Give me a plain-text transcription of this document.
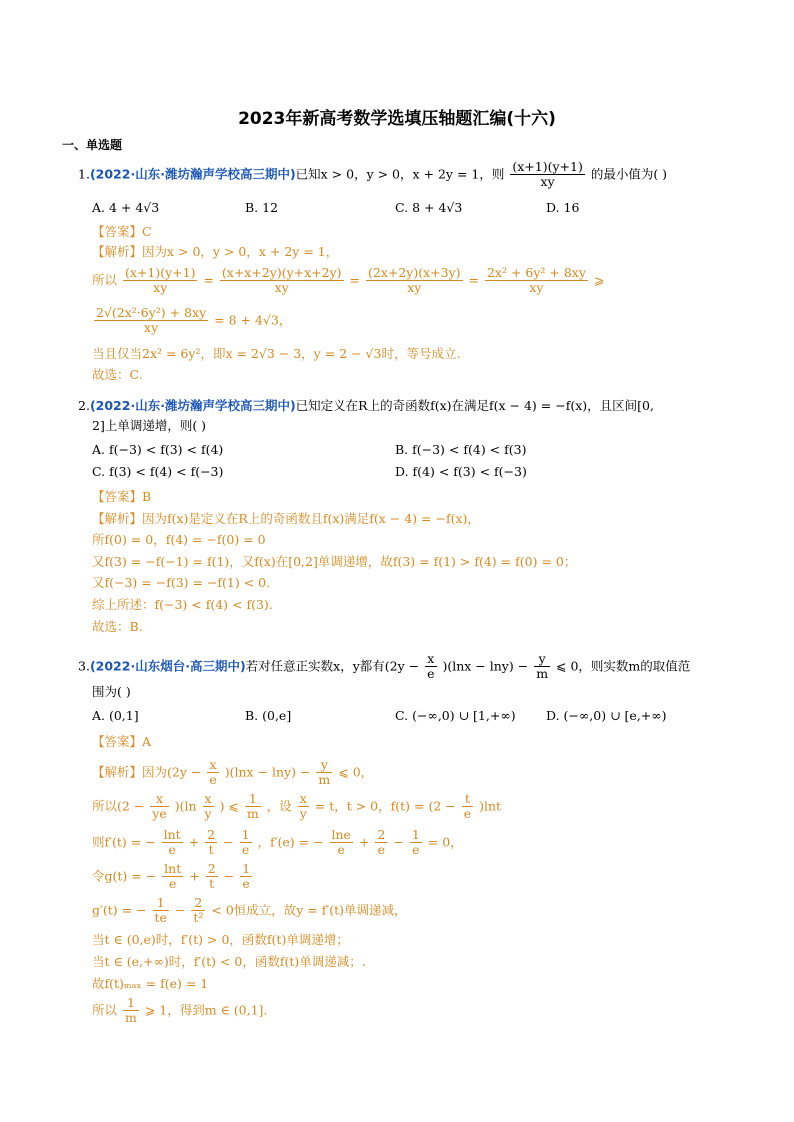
2023年新高考数学选填压轴题汇编(十六)
一、单选题
1.(2022·山东·潍坊瀚声学校高三期中)已知x > 0，y > 0，x + 2y = 1，则 $\frac{(x+1)(y+1)}{xy}$ 的最小值为( )
A. 4 + 4√3	B. 12	C. 8 + 4√3	D. 16
【答案】C
【解析】因为x > 0，y > 0，x + 2y = 1，
所以 $\frac{(x+1)(y+1)}{xy} = \frac{(x+x+2y)(y+x+2y)}{xy} = \frac{(2x+2y)(x+3y)}{xy} = \frac{\text{2x² + 6y² + 8xy}}{xy}$ ⩾
$\frac{\text{2√(2x²·6y²) + 8xy}}{xy} = 8 + 4√3$，
当且仅当2x² = 6y²，即x = 2√3 − 3，y = 2 − √3时，等号成立.
故选：C.
2.(2022·山东·潍坊瀚声学校高三期中)已知定义在R上的奇函数f(x)在满足f(x − 4) = −f(x)，且区间[0,
2]上单调递增，则( )
A. f(−3) < f(3) < f(4)	B. f(−3) < f(4) < f(3)
C. f(3) < f(4) < f(−3)	D. f(4) < f(3) < f(−3)
【答案】B
【解析】因为f(x)是定义在R上的奇函数且f(x)满足f(x − 4) = −f(x)，
所f(0) = 0，f(4) = −f(0) = 0
又f(3) = −f(−1) = f(1)，又f(x)在[0,2]单调递增，故f(3) = f(1) > f(4) = f(0) = 0；
又f(−3) = −f(3) = −f(1) < 0.
综上所述：f(−3) < f(4) < f(3).
故选：B.
3.(2022·山东烟台·高三期中)若对任意正实数x，y都有$(2y - \frac{x}{e} )(\ln x - \ln y) - \frac{y}{m}$ ⩽ 0，则实数m的取值范
围为( )
A. (0,1]	B. (0,e]	C. (−∞,0) ∪ [1,+∞) D. (−∞,0) ∪ [e,+∞)
【答案】A
【解析】因为$(2y - \frac{x}{e} )(\ln x - \ln y) - \frac{y}{m}$ ⩽ 0，
所以$(2 - \frac{x}{ye} )(\ln \frac{x}{y}$ ) ⩽ $\frac{1}{m}$ ，设 $\frac{x}{y} = t$，t > 0，$f(t) = (2 - \frac{t}{e} )\ln t$
则f′(t) = − $\frac{\ln t}{e} + \frac{2}{t} - \frac{1}{e}$ ，f′(e) = − $\frac{\ln e}{e} + \frac{2}{e} - \frac{1}{e} = 0$，
令g(t) = − $\frac{\ln t}{e} + \frac{2}{t} - \frac{1}{e}$
g′(t) = − $\frac{1}{te} - \frac{2}{\text{t²}} < 0$恒成立，故y = f′(t)单调递减，
当t ∈ (0,e)时，f′(t) > 0，函数f(t)单调递增；
当t ∈ (e,+∞)时，f′(t) < 0，函数f(t)单调递减；.
故f(t)ₘₐₓ = f(e) = 1
所以 $\frac{1}{m}$ ⩾ 1，得到m ∈ (0,1].
